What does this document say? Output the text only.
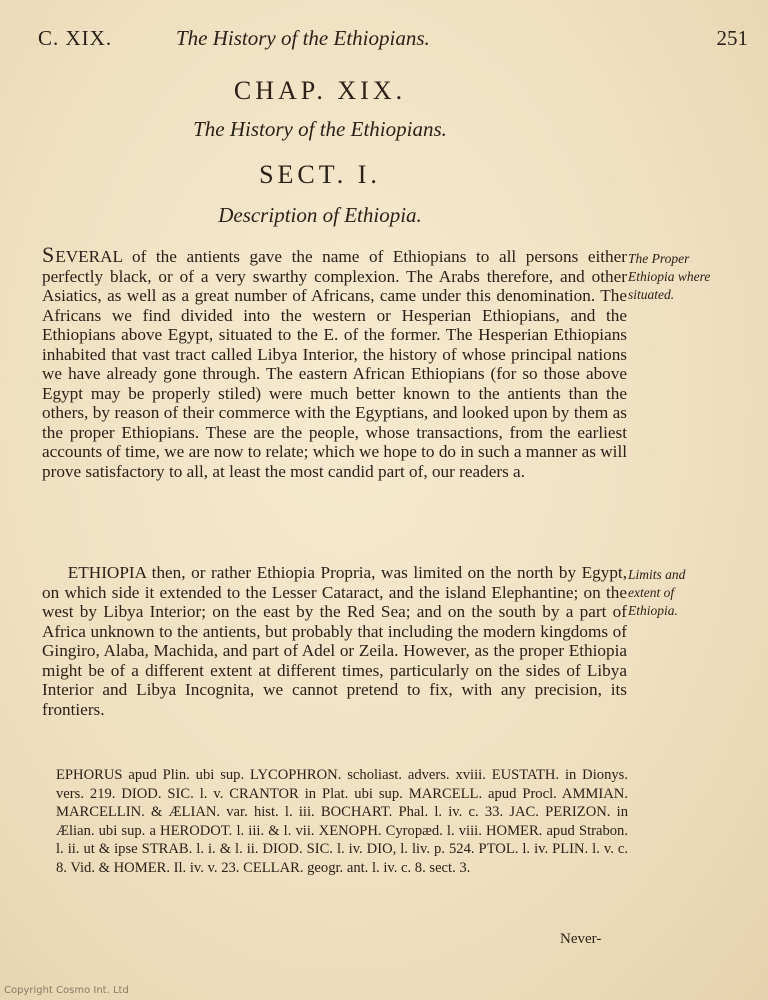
C. XIX.	The History of the Ethiopians.	251
CHAP. XIX.
The History of the Ethiopians.
SECT. I.
Description of Ethiopia.
SEVERAL of the antients gave the name of Ethiopians to all persons either perfectly black, or of a very swarthy complexion. The Arabs therefore, and other Asiatics, as well as a great number of Africans, came under this denomination. The Africans we find divided into the western or Hesperian Ethiopians, and the Ethiopians above Egypt, situated to the E. of the former. The Hesperian Ethiopians inhabited that vast tract called Libya Interior, the history of whose principal nations we have already gone through. The eastern African Ethiopians (for so those above Egypt may be properly stiled) were much better known to the antients than the others, by reason of their commerce with the Egyptians, and looked upon by them as the proper Ethiopians. These are the people, whose transactions, from the earliest accounts of time, we are now to relate; which we hope to do in such a manner as will prove satisfactory to all, at least the most candid part of, our readers a.
The Proper Ethiopia where situated.
ETHIOPIA then, or rather Ethiopia Propria, was limited on the north by Egypt, on which side it extended to the Lesser Cataract, and the island Elephantine; on the west by Libya Interior; on the east by the Red Sea; and on the south by a part of Africa unknown to the antients, but probably that including the modern kingdoms of Gingiro, Alaba, Machida, and part of Adel or Zeila. However, as the proper Ethiopia might be of a different extent at different times, particularly on the sides of Libya Interior and Libya Incognita, we cannot pretend to fix, with any precision, its frontiers.
Limits and extent of Ethiopia.
EPHORUS apud Plin. ubi sup. LYCOPHRON. scholiast. advers. xviii. EUSTATH. in Dionys. vers. 219. DIOD. SIC. l. v. CRANTOR in Plat. ubi sup. MARCELL. apud Procl. AMMIAN. MARCELLIN. & ÆLIAN. var. hist. l. iii. BOCHART. Phal. l. iv. c. 33. JAC. PERIZON. in Ælian. ubi sup. a HERODOT. l. iii. & l. vii. XENOPH. Cyropæd. l. viii. HOMER. apud Strabon. l. ii. ut & ipse STRAB. l. i. & l. ii. DIOD. SIC. l. iv. DIO, l. liv. p. 524. PTOL. l. iv. PLIN. l. v. c. 8. Vid. & HOMER. Il. iv. v. 23. CELLAR. geogr. ant. l. iv. c. 8. sect. 3.
Never-
Copyright Cosmo Int. Ltd
